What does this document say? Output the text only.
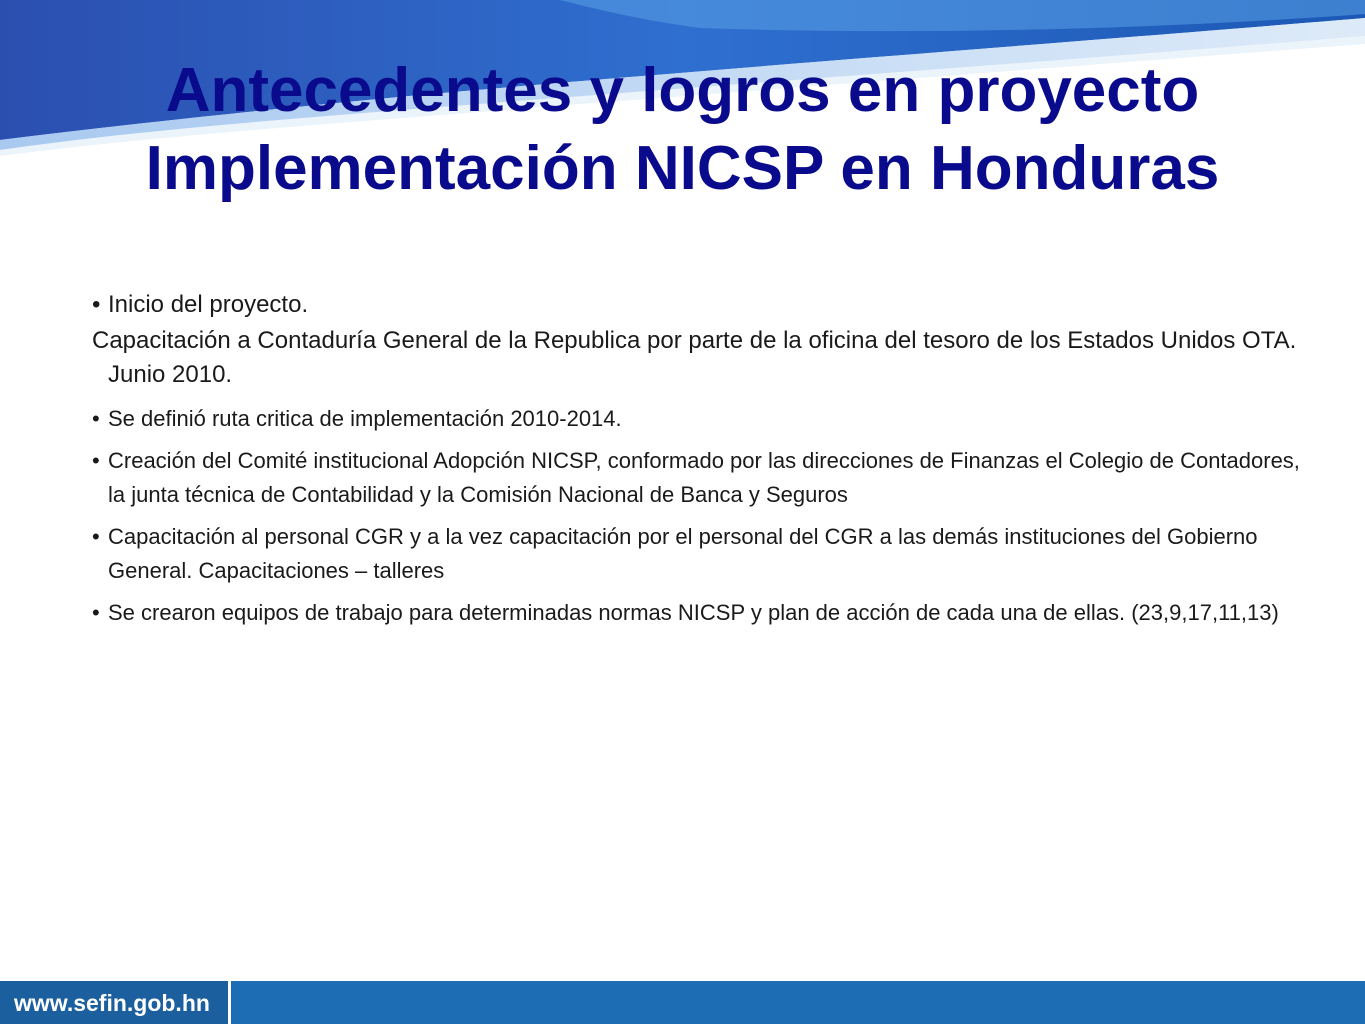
Antecedentes y logros en proyecto
Implementación NICSP en Honduras
• Inicio del proyecto.
Capacitación a Contaduría General de la Republica por parte de la oficina del tesoro de los Estados Unidos OTA. Junio 2010.
• Se definió ruta critica de implementación 2010-2014.
• Creación del Comité institucional Adopción NICSP, conformado por las direcciones de Finanzas el Colegio de Contadores, la junta técnica de Contabilidad y la Comisión Nacional de Banca y Seguros
• Capacitación al personal CGR y a la vez capacitación por el personal del CGR a las demás instituciones del Gobierno General. Capacitaciones – talleres
• Se crearon equipos de trabajo para determinadas normas NICSP y plan de acción de cada una de ellas. (23,9,17,11,13)
www.sefin.gob.hn
